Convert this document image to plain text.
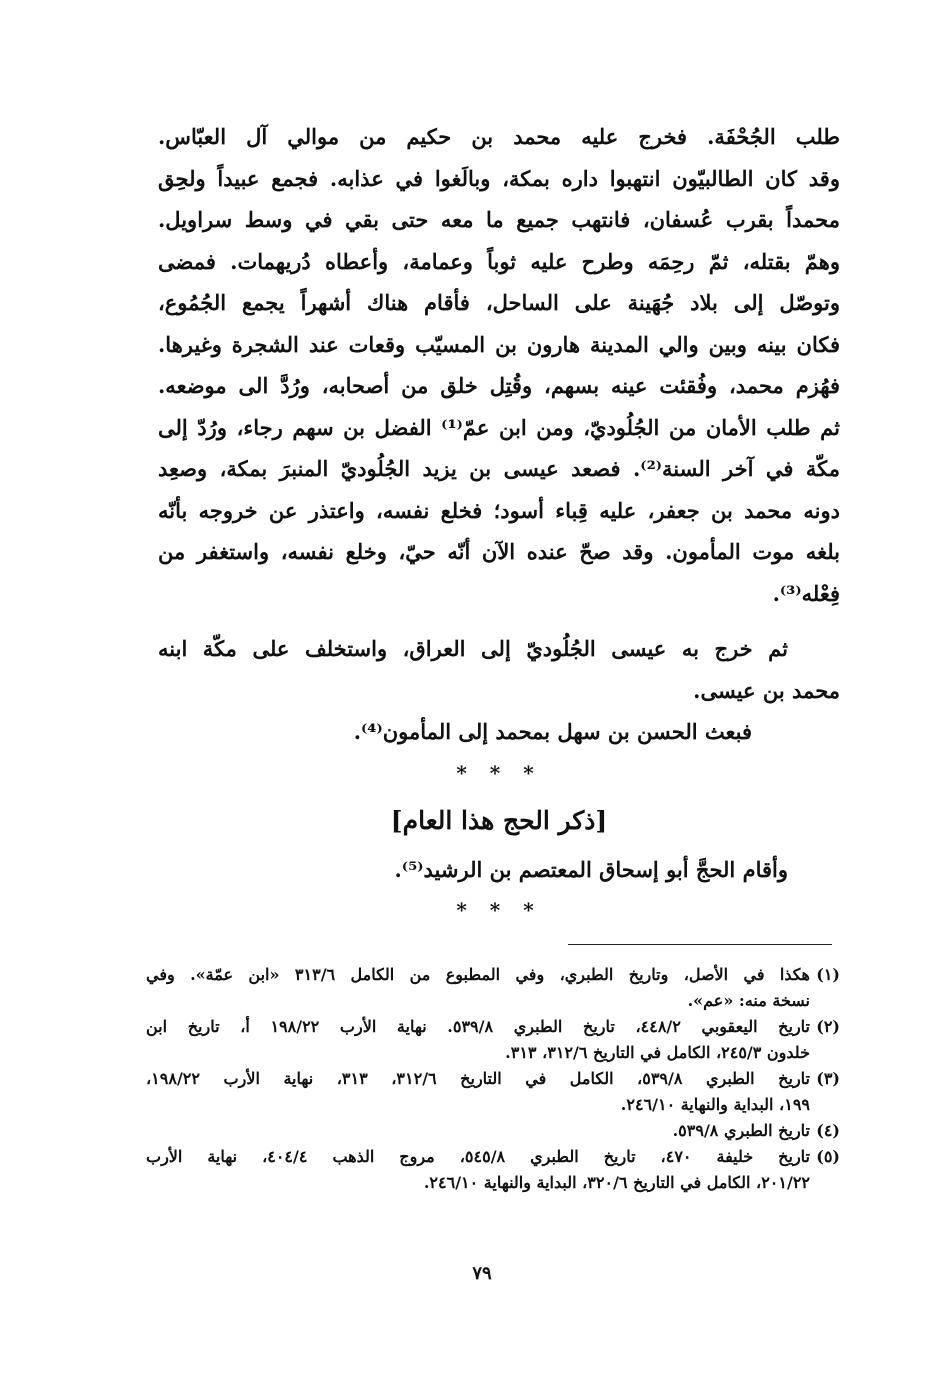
طلب الجُحْفَة. فخرج عليه محمد بن حكيم من موالي آل العبّاس.
وقد كان الطالبيّون انتهبوا داره بمكة، وبالَغوا في عذابه. فجمع عبيداً ولحِق
محمداً بقرب عُسفان، فانتهب جميع ما معه حتى بقي في وسط سراويل.
وهمّ بقتله، ثمّ رحِمَه وطرح عليه ثوباً وعمامة، وأعطاه دُريهمات. فمضى
وتوصّل إلى بلاد جُهَينة على الساحل، فأقام هناك أشهراً يجمع الجُمُوع،
فكان بينه وبين والي المدينة هارون بن المسيّب وقعات عند الشجرة وغيرها.
فهُزم محمد، وفُقئت عينه بسهم، وقُتِل خلق من أصحابه، ورُدَّ الى موضعه.
ثم طلب الأمان من الجُلُوديّ، ومن ابن عمّ⁽¹⁾ الفضل بن سهم رجاء، ورُدّ إلى
مكّة في آخر السنة⁽²⁾. فصعد عيسى بن يزيد الجُلُوديّ المنبرَ بمكة، وصعِد
دونه محمد بن جعفر، عليه قِباء أسود؛ فخلع نفسه، واعتذر عن خروجه بأنّه
بلغه موت المأمون. وقد صحّ عنده الآن أنّه حيّ، وخلع نفسه، واستغفر من
فِعْله⁽³⁾.
ثم خرج به عيسى الجُلُوديّ إلى العراق، واستخلف على مكّة ابنه
محمد بن عيسى.
فبعث الحسن بن سهل بمحمد إلى المأمون⁽⁴⁾.
* * *
[ذكر الحج هذا العام]
وأقام الحجَّ أبو إسحاق المعتصم بن الرشيد⁽⁵⁾.
* * *
(١)
هكذا في الأصل، وتاريخ الطبري، وفي المطبوع من الكامل ٣١٣/٦ «ابن عمّة». وفي
نسخة منه: «عم».
(٢)
تاريخ اليعقوبي ٤٤٨/٢، تاريخ الطبري ٥٣٩/٨. نهاية الأرب ١٩٨/٢٢ أ، تاريخ ابن
خلدون ٢٤٥/٣، الكامل في التاريخ ٣١٢/٦، ٣١٣.
(٣)
تاريخ الطبري ٥٣٩/٨، الكامل في التاريخ ٣١٢/٦، ٣١٣، نهاية الأرب ١٩٨/٢٢،
١٩٩، البداية والنهاية ٢٤٦/١٠.
(٤)
تاريخ الطبري ٥٣٩/٨.
(٥)
تاريخ خليفة ٤٧٠، تاريخ الطبري ٥٤٥/٨، مروج الذهب ٤٠٤/٤، نهاية الأرب
٢٠١/٢٢، الكامل في التاريخ ٣٢٠/٦، البداية والنهاية ٢٤٦/١٠.
٧٩
